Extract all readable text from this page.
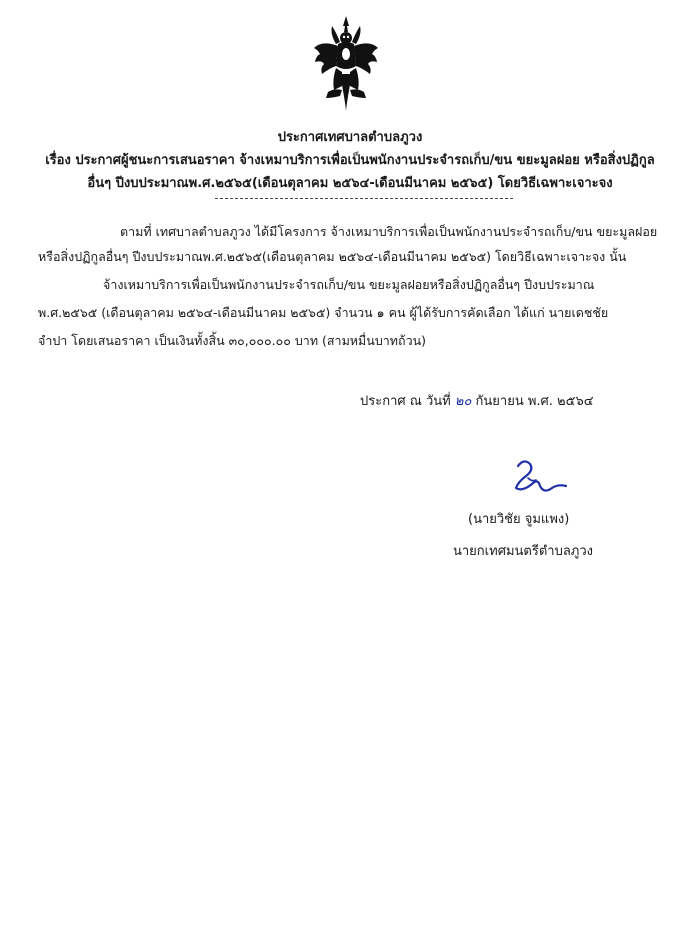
ประกาศเทศบาลตำบลภูวง
เรื่อง ประกาศผู้ชนะการเสนอราคา จ้างเหมาบริการเพื่อเป็นพนักงานประจำรถเก็บ/ขน ขยะมูลฝอย หรือสิ่งปฏิกูล
อื่นๆ ปีงบประมาณพ.ศ.๒๕๖๕(เดือนตุลาคม ๒๕๖๔-เดือนมีนาคม ๒๕๖๕) โดยวิธีเฉพาะเจาะจง
ตามที่ เทศบาลตำบลภูวง ได้มีโครงการ จ้างเหมาบริการเพื่อเป็นพนักงานประจำรถเก็บ/ขน ขยะมูลฝอย
หรือสิ่งปฏิกูลอื่นๆ ปีงบประมาณพ.ศ.๒๕๖๕(เดือนตุลาคม ๒๕๖๔-เดือนมีนาคม ๒๕๖๕) โดยวิธีเฉพาะเจาะจง นั้น
จ้างเหมาบริการเพื่อเป็นพนักงานประจำรถเก็บ/ขน ขยะมูลฝอยหรือสิ่งปฏิกูลอื่นๆ ปีงบประมาณ
พ.ศ.๒๕๖๕ (เดือนตุลาคม ๒๕๖๔-เดือนมีนาคม ๒๕๖๕) จำนวน ๑ คน ผู้ได้รับการคัดเลือก ได้แก่ นายเดชชัย
จำปา โดยเสนอราคา เป็นเงินทั้งสิ้น ๓๐,๐๐๐.๐๐ บาท (สามหมื่นบาทถ้วน)
ประกาศ ณ วันที่ ๒๐ กันยายน พ.ศ. ๒๕๖๔
(นายวิชัย จูมแพง)
นายกเทศมนตรีตำบลภูวง
